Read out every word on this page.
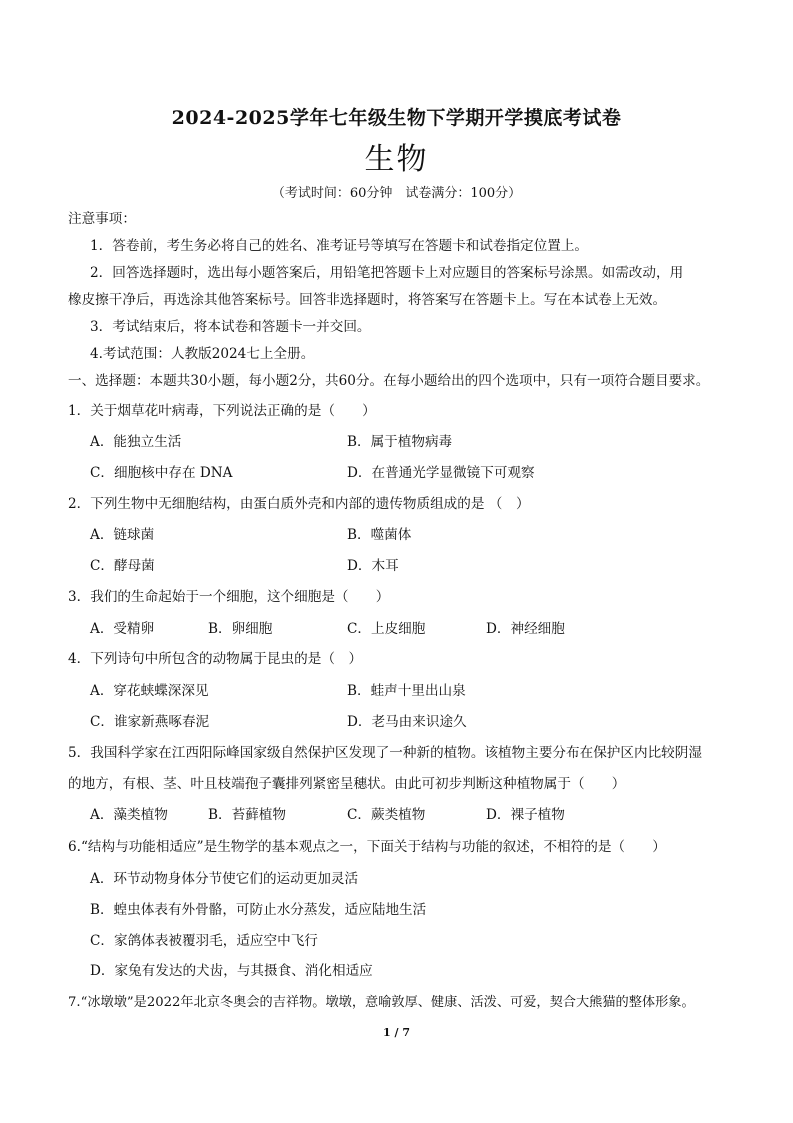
2024-2025学年七年级生物下学期开学摸底考试卷
生物
（考试时间：60分钟　试卷满分：100分）
注意事项：
1．答卷前，考生务必将自己的姓名、准考证号等填写在答题卡和试卷指定位置上。
2．回答选择题时，选出每小题答案后，用铅笔把答题卡上对应题目的答案标号涂黑。如需改动，用
橡皮擦干净后，再选涂其他答案标号。回答非选择题时，将答案写在答题卡上。写在本试卷上无效。
3．考试结束后，将本试卷和答题卡一并交回。
4.考试范围：人教版2024七上全册。
一、选择题：本题共30小题，每小题2分，共60分。在每小题给出的四个选项中，只有一项符合题目要求。
1．关于烟草花叶病毒，下列说法正确的是（　　）
A．能独立生活	B．属于植物病毒
C．细胞核中存在 DNA	D．在普通光学显微镜下可观察
2．下列生物中无细胞结构，由蛋白质外壳和内部的遗传物质组成的是 （　）
A．链球菌	B．噬菌体
C．酵母菌	D．木耳
3．我们的生命起始于一个细胞，这个细胞是（　　）
A．受精卵	B．卵细胞	C．上皮细胞	D．神经细胞
4．下列诗句中所包含的动物属于昆虫的是（　）
A．穿花蛱蝶深深见	B．蛙声十里出山泉
C．谁家新燕啄春泥	D．老马由来识途久
5．我国科学家在江西阳际峰国家级自然保护区发现了一种新的植物。该植物主要分布在保护区内比较阴湿
的地方，有根、茎、叶且枝端孢子囊排列紧密呈穗状。由此可初步判断这种植物属于（　　）
A．藻类植物	B．苔藓植物	C．蕨类植物	D．裸子植物
6.“结构与功能相适应”是生物学的基本观点之一，下面关于结构与功能的叙述，不相符的是（　　）
A．环节动物身体分节使它们的运动更加灵活
B．蝗虫体表有外骨骼，可防止水分蒸发，适应陆地生活
C．家鸽体表被覆羽毛，适应空中飞行
D．家兔有发达的犬齿，与其摄食、消化相适应
7.“冰墩墩”是2022年北京冬奥会的吉祥物。墩墩，意喻敦厚、健康、活泼、可爱，契合大熊猫的整体形象。
1 / 7
